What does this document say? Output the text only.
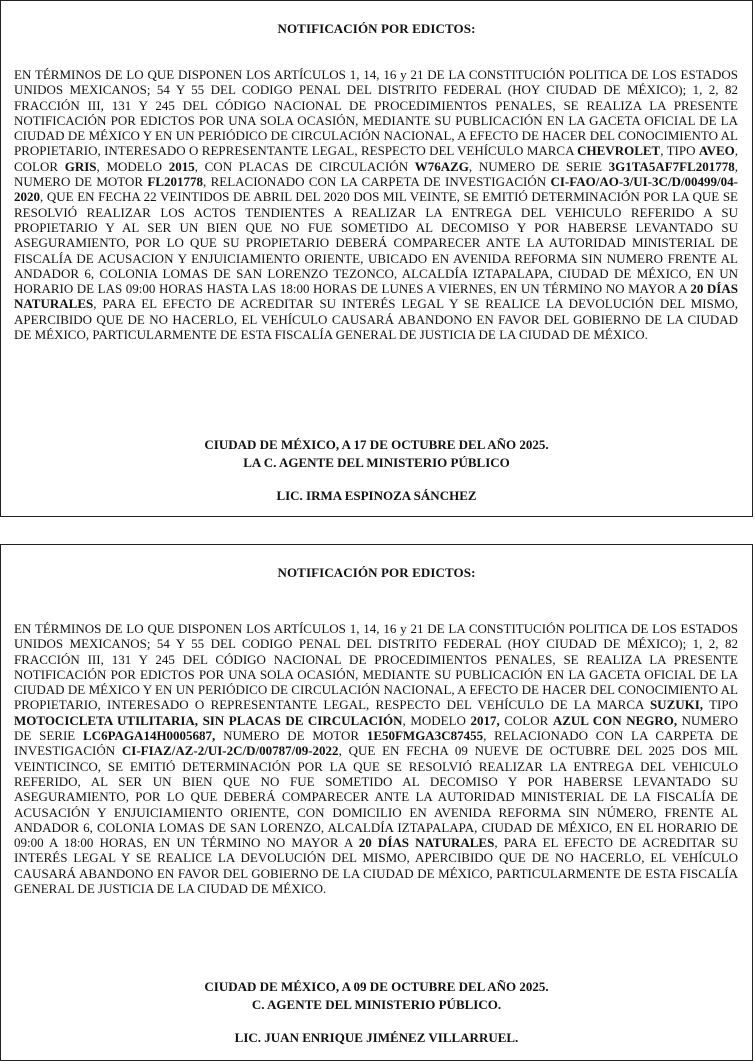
NOTIFICACIÓN POR EDICTOS:
EN TÉRMINOS DE LO QUE DISPONEN LOS ARTÍCULOS 1, 14, 16 y 21 DE LA CONSTITUCIÓN POLITICA DE LOS ESTADOS UNIDOS MEXICANOS; 54 Y 55 DEL CODIGO PENAL DEL DISTRITO FEDERAL (HOY CIUDAD DE MÉXICO); 1, 2, 82 FRACCIÓN III, 131 Y 245 DEL CÓDIGO NACIONAL DE PROCEDIMIENTOS PENALES, SE REALIZA LA PRESENTE NOTIFICACIÓN POR EDICTOS POR UNA SOLA OCASIÓN, MEDIANTE SU PUBLICACIÓN EN LA GACETA OFICIAL DE LA CIUDAD DE MÉXICO Y EN UN PERIÓDICO DE CIRCULACIÓN NACIONAL, A EFECTO DE HACER DEL CONOCIMIENTO AL PROPIETARIO, INTERESADO O REPRESENTANTE LEGAL, RESPECTO DEL VEHÍCULO MARCA CHEVROLET, TIPO AVEO, COLOR GRIS, MODELO 2015, CON PLACAS DE CIRCULACIÓN W76AZG, NUMERO DE SERIE 3G1TA5AF7FL201778, NUMERO DE MOTOR FL201778, RELACIONADO CON LA CARPETA DE INVESTIGACIÓN CI-FAO/AO-3/UI-3C/D/00499/04-2020, QUE EN FECHA 22 VEINTIDOS DE ABRIL DEL 2020 DOS MIL VEINTE, SE EMITIÓ DETERMINACIÓN POR LA QUE SE RESOLVIÓ REALIZAR LOS ACTOS TENDIENTES A REALIZAR LA ENTREGA DEL VEHICULO REFERIDO A SU PROPIETARIO Y AL SER UN BIEN QUE NO FUE SOMETIDO AL DECOMISO Y POR HABERSE LEVANTADO SU ASEGURAMIENTO, POR LO QUE SU PROPIETARIO DEBERÁ COMPARECER ANTE LA AUTORIDAD MINISTERIAL DE FISCALÍA DE ACUSACION Y ENJUICIAMIENTO ORIENTE, UBICADO EN AVENIDA REFORMA SIN NUMERO FRENTE AL ANDADOR 6, COLONIA LOMAS DE SAN LORENZO TEZONCO, ALCALDÍA IZTAPALAPA, CIUDAD DE MÉXICO, EN UN HORARIO DE LAS 09:00 HORAS HASTA LAS 18:00 HORAS DE LUNES A VIERNES, EN UN TÉRMINO NO MAYOR A 20 DÍAS NATURALES, PARA EL EFECTO DE ACREDITAR SU INTERÉS LEGAL Y SE REALICE LA DEVOLUCIÓN DEL MISMO, APERCIBIDO QUE DE NO HACERLO, EL VEHÍCULO CAUSARÁ ABANDONO EN FAVOR DEL GOBIERNO DE LA CIUDAD DE MÉXICO, PARTICULARMENTE DE ESTA FISCALÍA GENERAL DE JUSTICIA DE LA CIUDAD DE MÉXICO.
CIUDAD DE MÉXICO, A 17 DE OCTUBRE DEL AÑO 2025.
LA C. AGENTE DEL MINISTERIO PÚBLICO
LIC. IRMA ESPINOZA SÁNCHEZ
NOTIFICACIÓN POR EDICTOS:
EN TÉRMINOS DE LO QUE DISPONEN LOS ARTÍCULOS 1, 14, 16 y 21 DE LA CONSTITUCIÓN POLITICA DE LOS ESTADOS UNIDOS MEXICANOS; 54 Y 55 DEL CODIGO PENAL DEL DISTRITO FEDERAL (HOY CIUDAD DE MÉXICO); 1, 2, 82 FRACCIÓN III, 131 Y 245 DEL CÓDIGO NACIONAL DE PROCEDIMIENTOS PENALES, SE REALIZA LA PRESENTE NOTIFICACIÓN POR EDICTOS POR UNA SOLA OCASIÓN, MEDIANTE SU PUBLICACIÓN EN LA GACETA OFICIAL DE LA CIUDAD DE MÉXICO Y EN UN PERIÓDICO DE CIRCULACIÓN NACIONAL, A EFECTO DE HACER DEL CONOCIMIENTO AL PROPIETARIO, INTERESADO O REPRESENTANTE LEGAL, RESPECTO DEL VEHÍCULO DE LA MARCA SUZUKI, TIPO MOTOCICLETA UTILITARIA, SIN PLACAS DE CIRCULACIÓN, MODELO 2017, COLOR AZUL CON NEGRO, NUMERO DE SERIE LC6PAGA14H0005687, NUMERO DE MOTOR 1E50FMGA3C87455, RELACIONADO CON LA CARPETA DE INVESTIGACIÓN CI-FIAZ/AZ-2/UI-2C/D/00787/09-2022, QUE EN FECHA 09 NUEVE DE OCTUBRE DEL 2025 DOS MIL VEINTICINCO, SE EMITIÓ DETERMINACIÓN POR LA QUE SE RESOLVIÓ REALIZAR LA ENTREGA DEL VEHICULO REFERIDO, AL SER UN BIEN QUE NO FUE SOMETIDO AL DECOMISO Y POR HABERSE LEVANTADO SU ASEGURAMIENTO, POR LO QUE DEBERÁ COMPARECER ANTE LA AUTORIDAD MINISTERIAL DE LA FISCALÍA DE ACUSACIÓN Y ENJUICIAMIENTO ORIENTE, CON DOMICILIO EN AVENIDA REFORMA SIN NÚMERO, FRENTE AL ANDADOR 6, COLONIA LOMAS DE SAN LORENZO, ALCALDÍA IZTAPALAPA, CIUDAD DE MÉXICO, EN EL HORARIO DE 09:00 A 18:00 HORAS, EN UN TÉRMINO NO MAYOR A 20 DÍAS NATURALES, PARA EL EFECTO DE ACREDITAR SU INTERÉS LEGAL Y SE REALICE LA DEVOLUCIÓN DEL MISMO, APERCIBIDO QUE DE NO HACERLO, EL VEHÍCULO CAUSARÁ ABANDONO EN FAVOR DEL GOBIERNO DE LA CIUDAD DE MÉXICO, PARTICULARMENTE DE ESTA FISCALÍA GENERAL DE JUSTICIA DE LA CIUDAD DE MÉXICO.
CIUDAD DE MÉXICO, A 09 DE OCTUBRE DEL AÑO 2025.
C. AGENTE DEL MINISTERIO PÚBLICO.
LIC. JUAN ENRIQUE JIMÉNEZ VILLARRUEL.
